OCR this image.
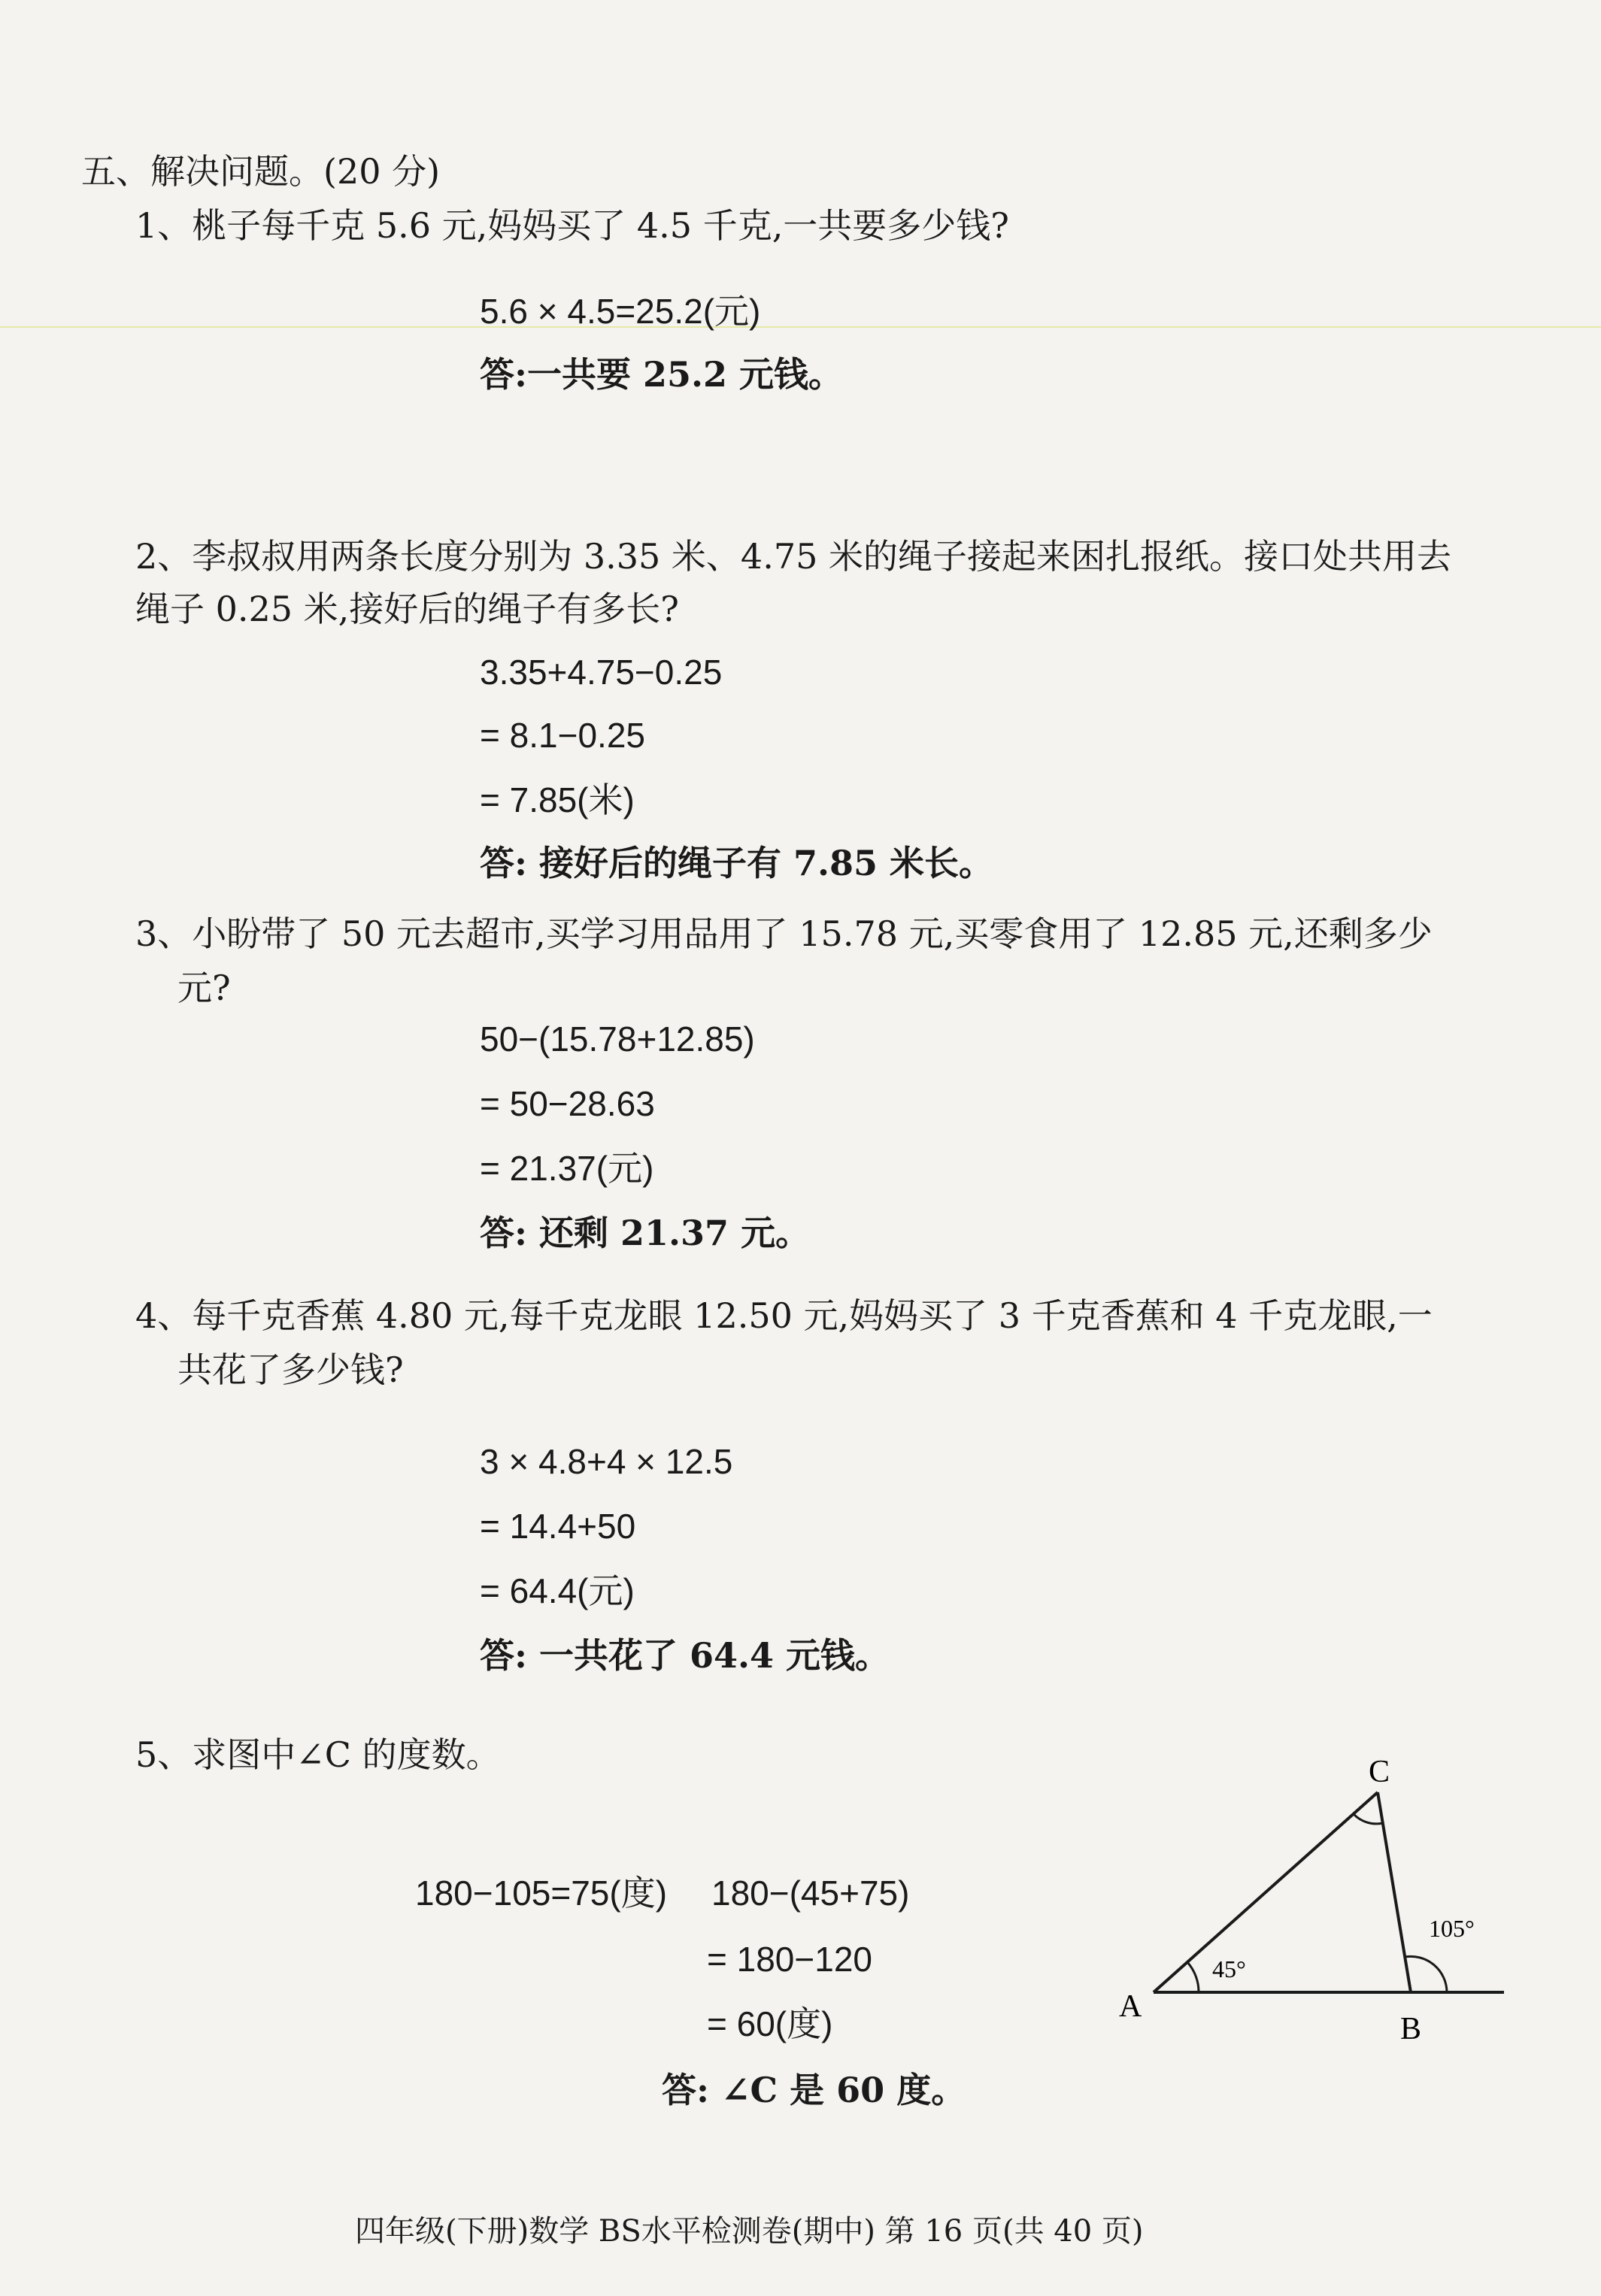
五、解决问题。(20 分)
1、桃子每千克 5.6 元,妈妈买了 4.5 千克,一共要多少钱?
5.6 × 4.5=25.2(元)
答:一共要 25.2 元钱。
2、李叔叔用两条长度分别为 3.35 米、4.75 米的绳子接起来困扎报纸。接口处共用去
绳子 0.25 米,接好后的绳子有多长?
3.35+4.75−0.25
= 8.1−0.25
= 7.85(米)
答: 接好后的绳子有 7.85 米长。
3、小盼带了 50 元去超市,买学习用品用了 15.78 元,买零食用了 12.85 元,还剩多少
元?
50−(15.78+12.85)
= 50−28.63
= 21.37(元)
答: 还剩 21.37 元。
4、每千克香蕉 4.80 元,每千克龙眼 12.50 元,妈妈买了 3 千克香蕉和 4 千克龙眼,一
共花了多少钱?
3 × 4.8+4 × 12.5
= 14.4+50
= 64.4(元)
答: 一共花了 64.4 元钱。
5、求图中∠C 的度数。
180−105=75(度) 180−(45+75)
= 180−120
= 60(度)
答: ∠C 是 60 度。
C
A
B
45°
105°
四年级(下册)数学 BS水平检测卷(期中) 第 16 页(共 40 页)
